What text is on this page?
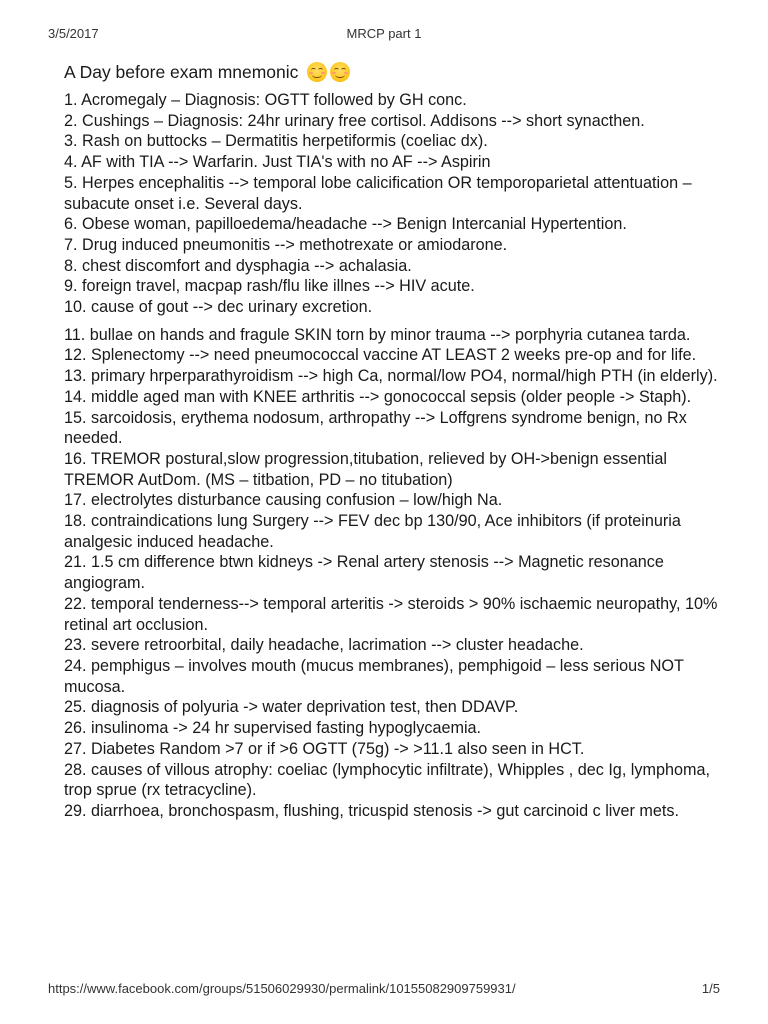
3/5/2017	MRCP part 1
A Day before exam mnemonic
1. Acromegaly – Diagnosis: OGTT followed by GH conc.
2. Cushings – Diagnosis: 24hr urinary free cortisol. Addisons --> short synacthen.
3. Rash on buttocks – Dermatitis herpetiformis (coeliac dx).
4. AF with TIA --> Warfarin. Just TIA's with no AF --> Aspirin
5. Herpes encephalitis --> temporal lobe calicification OR temporoparietal attentuation – subacute onset i.e. Several days.
6. Obese woman, papilloedema/headache --> Benign Intercanial Hypertention.
7. Drug induced pneumonitis --> methotrexate or amiodarone.
8. chest discomfort and dysphagia --> achalasia.
9. foreign travel, macpap rash/flu like illnes --> HIV acute.
10. cause of gout --> dec urinary excretion.
11. bullae on hands and fragule SKIN torn by minor trauma --> porphyria cutanea tarda.
12. Splenectomy --> need pneumococcal vaccine AT LEAST 2 weeks pre-op and for life.
13. primary hrperparathyroidism --> high Ca, normal/low PO4, normal/high PTH (in elderly).
14. middle aged man with KNEE arthritis --> gonococcal sepsis (older people -> Staph).
15. sarcoidosis, erythema nodosum, arthropathy --> Loffgrens syndrome benign, no Rx needed.
16. TREMOR postural,slow progression,titubation, relieved by OH->benign essential TREMOR AutDom. (MS – titbation, PD – no titubation)
17. electrolytes disturbance causing confusion – low/high Na.
18. contraindications lung Surgery --> FEV dec bp 130/90, Ace inhibitors (if proteinuria analgesic induced headache.
21. 1.5 cm difference btwn kidneys -> Renal artery stenosis --> Magnetic resonance angiogram.
22. temporal tenderness--> temporal arteritis -> steroids > 90% ischaemic neuropathy, 10% retinal art occlusion.
23. severe retroorbital, daily headache, lacrimation --> cluster headache.
24. pemphigus – involves mouth (mucus membranes), pemphigoid – less serious NOT mucosa.
25. diagnosis of polyuria -> water deprivation test, then DDAVP.
26. insulinoma -> 24 hr supervised fasting hypoglycaemia.
27. Diabetes Random >7 or if >6 OGTT (75g) -> >11.1 also seen in HCT.
28. causes of villous atrophy: coeliac (lymphocytic infiltrate), Whipples , dec Ig, lymphoma, trop sprue (rx tetracycline).
29. diarrhoea, bronchospasm, flushing, tricuspid stenosis -> gut carcinoid c liver mets.
https://www.facebook.com/groups/51506029930/permalink/10155082909759931/	1/5
